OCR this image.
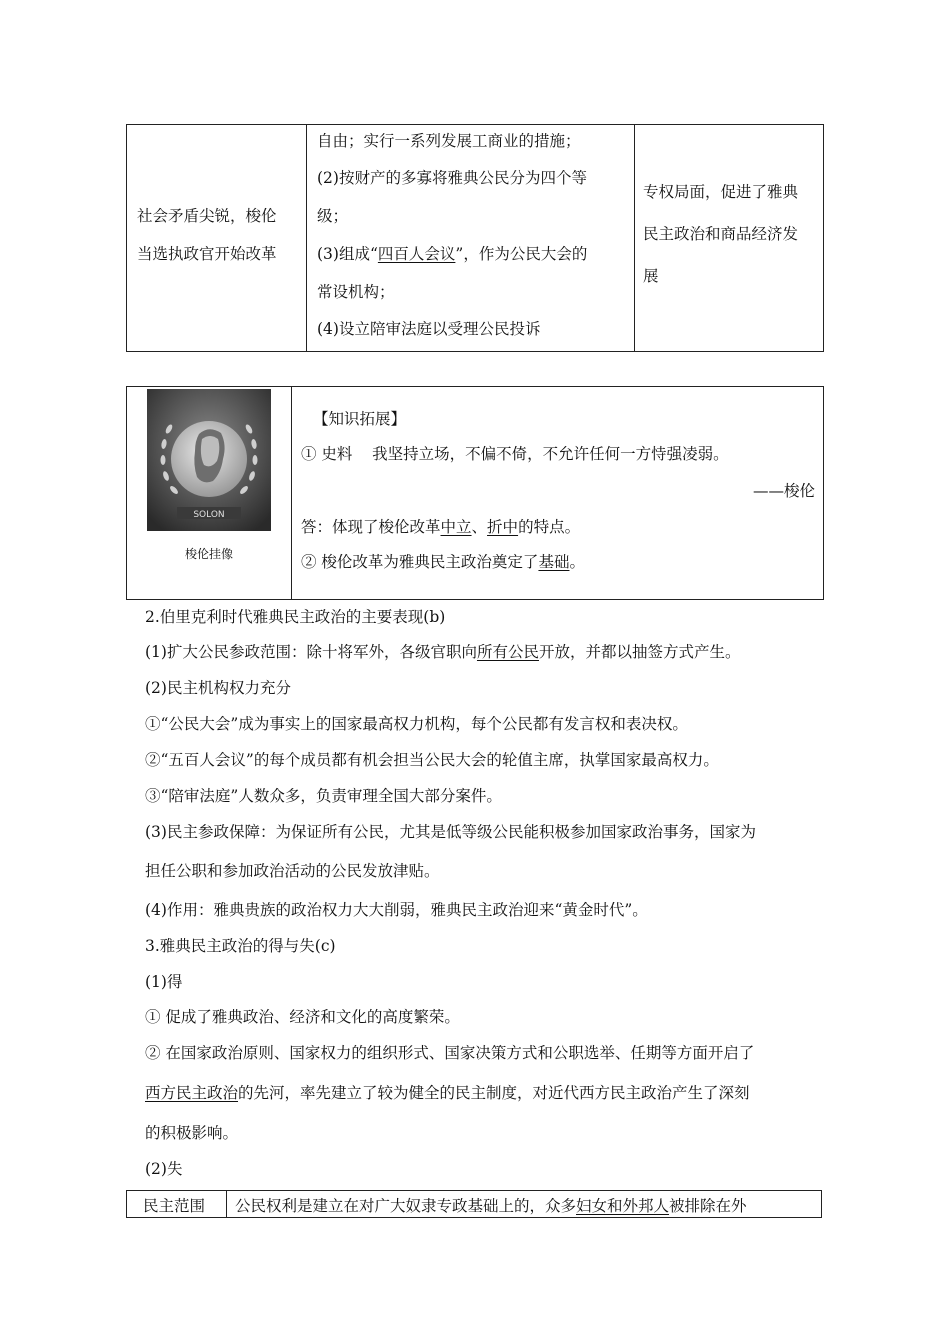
社会矛盾尖锐，梭伦
当选执政官开始改革
自由；实行一系列发展工商业的措施；
(2)按财产的多寡将雅典公民分为四个等
级；
(3)组成“四百人会议”，作为公民大会的
常设机构；
(4)设立陪审法庭以受理公民投诉
专权局面，促进了雅典
民主政治和商品经济发
展
SOLON
梭伦挂像
【知识拓展】
① 史料 我坚持立场，不偏不倚，不允许任何一方恃强凌弱。
——梭伦
答：体现了梭伦改革中立、折中的特点。
② 梭伦改革为雅典民主政治奠定了基础。
2.伯里克利时代雅典民主政治的主要表现(b)
(1)扩大公民参政范围：除十将军外，各级官职向所有公民开放，并都以抽签方式产生。
(2)民主机构权力充分
①“公民大会”成为事实上的国家最高权力机构，每个公民都有发言权和表决权。
②“五百人会议”的每个成员都有机会担当公民大会的轮值主席，执掌国家最高权力。
③“陪审法庭”人数众多，负责审理全国大部分案件。
(3)民主参政保障：为保证所有公民，尤其是低等级公民能积极参加国家政治事务，国家为
担任公职和参加政治活动的公民发放津贴。
(4)作用：雅典贵族的政治权力大大削弱，雅典民主政治迎来“黄金时代”。
3.雅典民主政治的得与失(c)
(1)得
① 促成了雅典政治、经济和文化的高度繁荣。
② 在国家政治原则、国家权力的组织形式、国家决策方式和公职选举、任期等方面开启了
西方民主政治的先河，率先建立了较为健全的民主制度，对近代西方民主政治产生了深刻
的积极影响。
(2)失
民主范围 公民权利是建立在对广大奴隶专政基础上的，众多妇女和外邦人被排除在外
